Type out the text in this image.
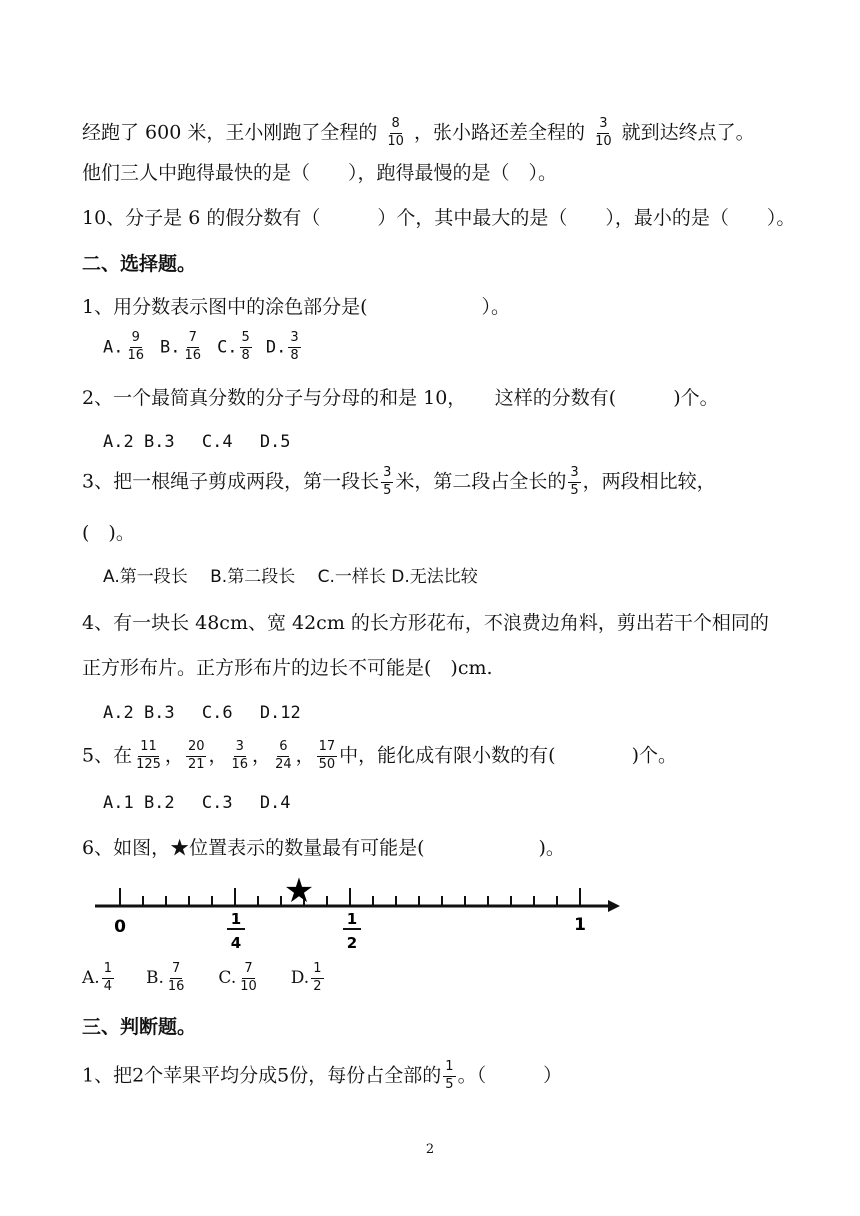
经跑了 600 米，王小刚跑了全程的 $\frac{8}{10}$ ，张小路还差全程的 $\frac{3}{10}$ 就到达终点了。
他们三人中跑得最快的是（　　），跑得最慢的是（　）。
10、分子是 6 的假分数有（　　　）个，其中最大的是（　　），最小的是（　　）。
二、选择题。
1、用分数表示图中的涂色部分是(　　　　　　）。
A. $\frac{9}{16} B$. $\frac{7}{16} C$. $\frac{5}{8} D$. $\frac{3}{8}$
2、一个最简真分数的分子与分母的和是 10，　　这样的分数有(　　　)个。
A.2 B.3　 C.4　 D.5
3、把一根绳子剪成两段，第一段长 $\frac{3}{5}$ 米，第二段占全长的 $\frac{3}{5}$ ，两段相比较，
(　)。
A.第一段长　 B.第二段长　 C.一样长 D.无法比较
4、有一块长 48cm、宽 42cm 的长方形花布，不浪费边角料，剪出若干个相同的
正方形布片。正方形布片的边长不可能是(　)cm.
A.2 B.3　 C.6　 D.12
5、在 $\frac{11}{125}$ ， $\frac{20}{21}$ ， $\frac{3}{16}$ ， $\frac{6}{24}$ ， $\frac{17}{50}$ 中，能化成有限小数的有(　　　　)个。
A.1 B.2　 C.3　 D.4
6、如图，★位置表示的数量最有可能是(　　　　　　)。
0	1
4
1
2
1
★
A. $\frac{1}{4} B$. $\frac{7}{16} C$. $\frac{7}{10} D$. $\frac{1}{2}$
三、判断题。
1、把2个苹果平均分成5份，每份占全部的 $\frac{1}{5}$ 。（　　　）
2
